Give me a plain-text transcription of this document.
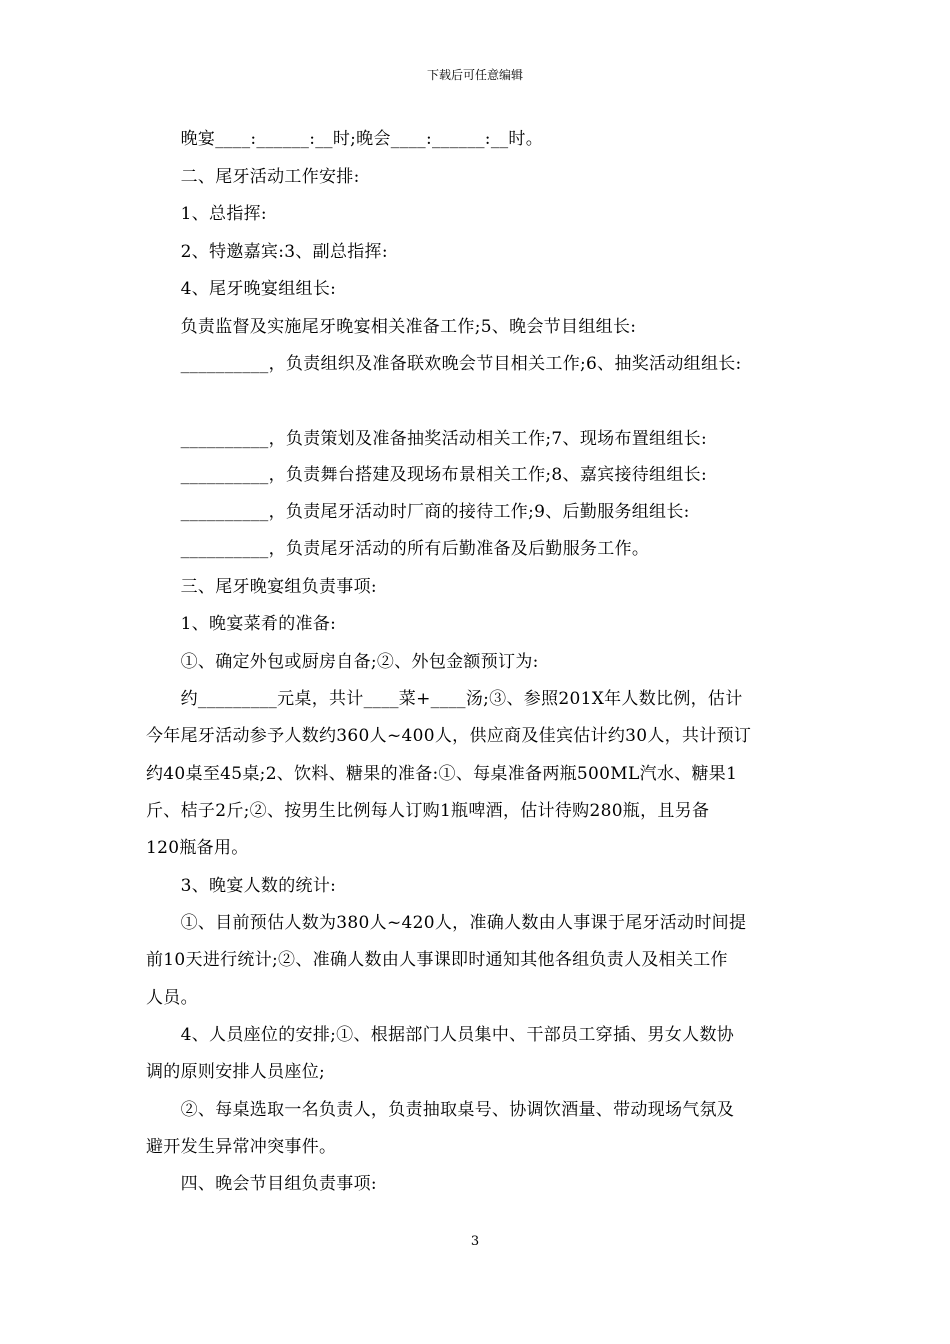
下载后可任意编辑
　　晚宴____:______:__时;晚会____:______:__时。
　　二、尾牙活动工作安排:
　　1、总指挥:
　　2、特邀嘉宾:3、副总指挥:
　　4、尾牙晚宴组组长:
　　负责监督及实施尾牙晚宴相关准备工作;5、晚会节目组组长:
　　__________，负责组织及准备联欢晚会节目相关工作;6、抽奖活动组组长:
　　__________，负责策划及准备抽奖活动相关工作;7、现场布置组组长:
　　__________，负责舞台搭建及现场布景相关工作;8、嘉宾接待组组长:
　　__________，负责尾牙活动时厂商的接待工作;9、后勤服务组组长:
　　__________，负责尾牙活动的所有后勤准备及后勤服务工作。
　　三、尾牙晚宴组负责事项:
　　1、晚宴菜肴的准备:
　　①、确定外包或厨房自备;②、外包金额预订为:
　　约_________元桌，共计____菜+____汤;③、参照201X年人数比例，估计
今年尾牙活动参予人数约360人~400人，供应商及佳宾估计约30人，共计预订
约40桌至45桌;2、饮料、糖果的准备:①、每桌准备两瓶500ML汽水、糖果1
斤、桔子2斤;②、按男生比例每人订购1瓶啤酒，估计待购280瓶，且另备
120瓶备用。
　　3、晚宴人数的统计:
　　①、目前预估人数为380人~420人，准确人数由人事课于尾牙活动时间提
前10天进行统计;②、准确人数由人事课即时通知其他各组负责人及相关工作
人员。
　　4、人员座位的安排;①、根据部门人员集中、干部员工穿插、男女人数协
调的原则安排人员座位;
　　②、每桌选取一名负责人，负责抽取桌号、协调饮酒量、带动现场气氛及
避开发生异常冲突事件。
　　四、晚会节目组负责事项:
3
